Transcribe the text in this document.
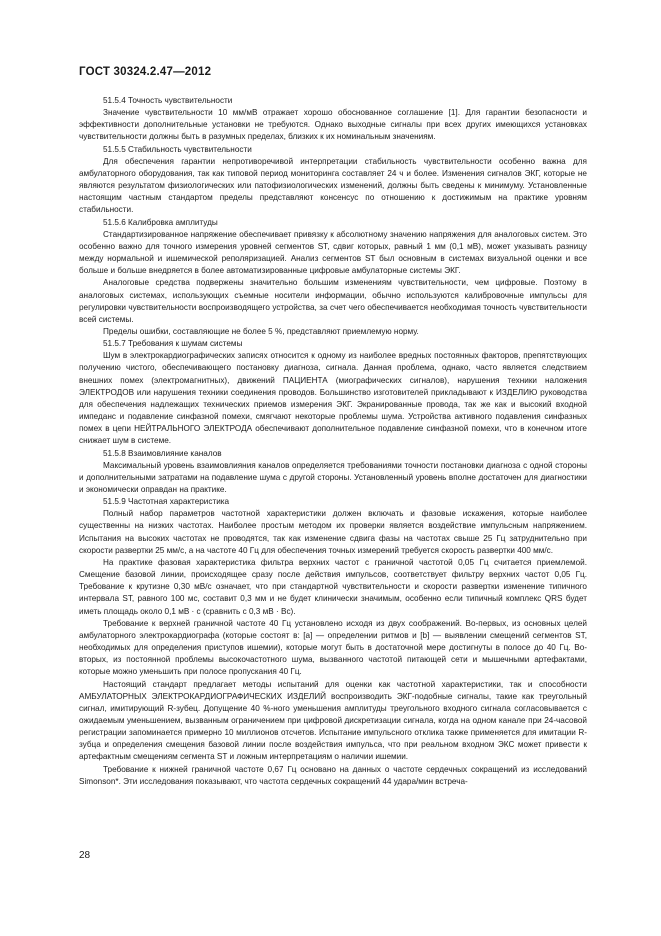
ГОСТ 30324.2.47—2012

51.5.4 Точность чувствительности

Значение чувствительности 10 мм/мВ отражает хорошо обоснованное соглашение [1]. Для гарантии безопасности и эффективности дополнительные установки не требуются. Однако выходные сигналы при всех других имеющихся установках чувствительности должны быть в разумных пределах, близких к их номинальным значениям.

51.5.5 Стабильность чувствительности

Для обеспечения гарантии непротиворечивой интерпретации стабильность чувствительности особенно важна для амбулаторного оборудования, так как типовой период мониторинга составляет 24 ч и более. Изменения сигналов ЭКГ, которые не являются результатом физиологических или патофизиологических изменений, должны быть сведены к минимуму. Установленные настоящим частным стандартом пределы представляют консенсус по отношению к достижимым на практике уровням стабильности.

51.5.6 Калибровка амплитуды

Стандартизированное напряжение обеспечивает привязку к абсолютному значению напряжения для аналоговых систем. Это особенно важно для точного измерения уровней сегментов ST, сдвиг которых, равный 1 мм (0,1 мВ), может указывать разницу между нормальной и ишемической реполяризацией. Анализ сегментов ST был основным в системах визуальной оценки и все больше и больше внедряется в более автоматизированные цифровые амбулаторные системы ЭКГ.

Аналоговые средства подвержены значительно большим изменениям чувствительности, чем цифровые. Поэтому в аналоговых системах, использующих съемные носители информации, обычно используются калибровочные импульсы для регулировки чувствительности воспроизводящего устройства, за счет чего обеспечивается необходимая точность чувствительности всей системы.

Пределы ошибки, составляющие не более 5 %, представляют приемлемую норму.

51.5.7 Требования к шумам системы

Шум в электрокардиографических записях относится к одному из наиболее вредных постоянных факторов, препятствующих получению чистого, обеспечивающего постановку диагноза, сигнала. Данная проблема, однако, часто является следствием внешних помех (электромагнитных), движений ПАЦИЕНТА (миографических сигналов), нарушения техники наложения ЭЛЕКТРОДОВ или нарушения техники соединения проводов. Большинство изготовителей прикладывают к ИЗДЕЛИЮ руководства для обеспечения надлежащих технических приемов измерения ЭКГ. Экранированные провода, так же как и высокий входной импеданс и подавление синфазной помехи, смягчают некоторые проблемы шума. Устройства активного подавления синфазных помех в цепи НЕЙТРАЛЬНОГО ЭЛЕКТРОДА обеспечивают дополнительное подавление синфазной помехи, что в конечном итоге снижает шум в системе.

51.5.8 Взаимовлияние каналов

Максимальный уровень взаимовлияния каналов определяется требованиями точности постановки диагноза с одной стороны и дополнительными затратами на подавление шума с другой стороны. Установленный уровень вполне достаточен для диагностики и экономически оправдан на практике.

51.5.9 Частотная характеристика

Полный набор параметров частотной характеристики должен включать и фазовые искажения, которые наиболее существенны на низких частотах. Наиболее простым методом их проверки является воздействие импульсным напряжением. Испытания на высоких частотах не проводятся, так как изменение сдвига фазы на частотах свыше 25 Гц затруднительно при скорости развертки 25 мм/с, а на частоте 40 Гц для обеспечения точных измерений требуется скорость развертки 400 мм/с.

На практике фазовая характеристика фильтра верхних частот с граничной частотой 0,05 Гц считается приемлемой. Смещение базовой линии, происходящее сразу после действия импульсов, соответствует фильтру верхних частот 0,05 Гц. Требование к крутизне 0,30 мВ/с означает, что при стандартной чувствительности и скорости развертки изменение типичного интервала ST, равного 100 мс, составит 0,3 мм и не будет клинически значимым, особенно если типичный комплекс QRS будет иметь площадь около 0,1 мВ · с (сравнить с 0,3 мВ · Вс).

Требование к верхней граничной частоте 40 Гц установлено исходя из двух соображений. Во-первых, из основных целей амбулаторного электрокардиографа (которые состоят в: [а] — определении ритмов и [b] — выявлении смещений сегментов ST, необходимых для определения приступов ишемии), которые могут быть в достаточной мере достигнуты в полосе до 40 Гц. Во-вторых, из постоянной проблемы высокочастотного шума, вызванного частотой питающей сети и мышечными артефактами, которые можно уменьшить при полосе пропускания 40 Гц.

Настоящий стандарт предлагает методы испытаний для оценки как частотной характеристики, так и способности АМБУЛАТОРНЫХ ЭЛЕКТРОКАРДИОГРАФИЧЕСКИХ ИЗДЕЛИЙ воспроизводить ЭКГ-подобные сигналы, такие как треугольный сигнал, имитирующий R-зубец. Допущение 40 %-ного уменьшения амплитуды треугольного входного сигнала согласовывается с ожидаемым уменьшением, вызванным ограничением при цифровой дискретизации сигнала, когда на одном канале при 24-часовой регистрации запоминается примерно 10 миллионов отсчетов. Испытание импульсного отклика также применяется для имитации R-зубца и определения смещения базовой линии после воздействия импульса, что при реальном входном ЭКС может привести к артефактным смещениям сегмента ST и ложным интерпретациям о наличии ишемии.

Требование к нижней граничной частоте 0,67 Гц основано на данных о частоте сердечных сокращений из исследований Simonson*. Эти исследования показывают, что частота сердечных сокращений 44 удара/мин встреча-

28
